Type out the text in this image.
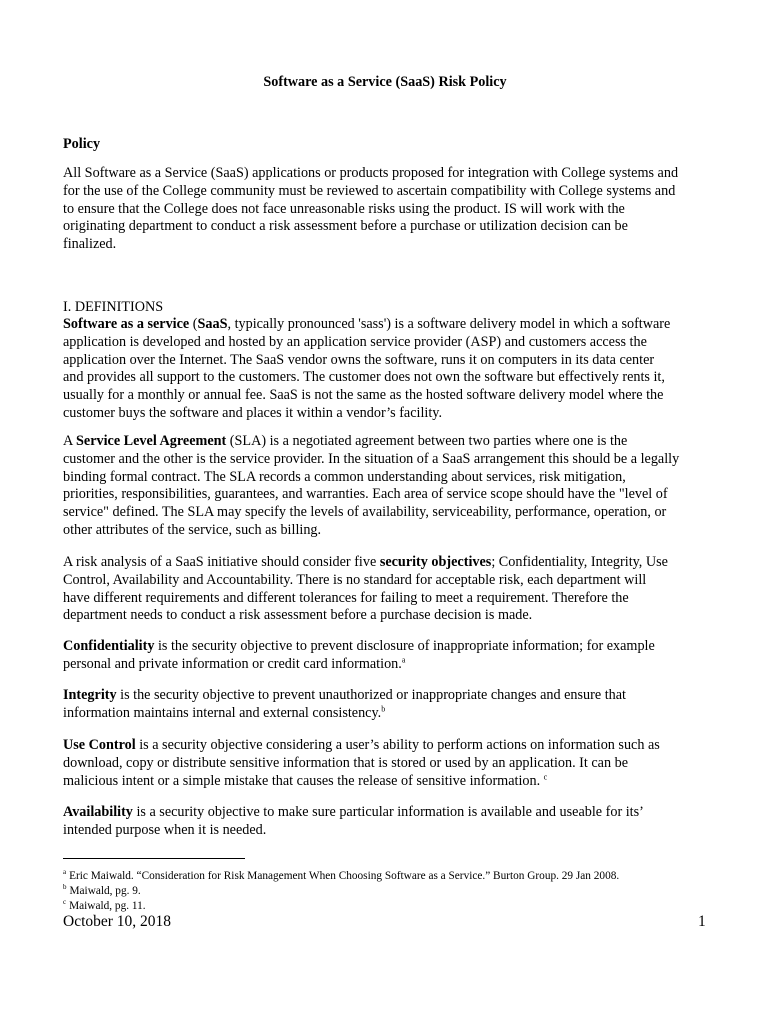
Software as a Service (SaaS) Risk Policy
Policy
All Software as a Service (SaaS) applications or products proposed for integration with College systems and
for the use of the College community must be reviewed to ascertain compatibility with College systems and
to ensure that the College does not face unreasonable risks using the product. IS will work with the
originating department to conduct a risk assessment before a purchase or utilization decision can be
finalized.
I. DEFINITIONS
Software as a service (SaaS, typically pronounced 'sass') is a software delivery model in which a software
application is developed and hosted by an application service provider (ASP) and customers access the
application over the Internet. The SaaS vendor owns the software, runs it on computers in its data center
and provides all support to the customers. The customer does not own the software but effectively rents it,
usually for a monthly or annual fee. SaaS is not the same as the hosted software delivery model where the
customer buys the software and places it within a vendor’s facility.
A Service Level Agreement (SLA) is a negotiated agreement between two parties where one is the
customer and the other is the service provider. In the situation of a SaaS arrangement this should be a legally
binding formal contract. The SLA records a common understanding about services, risk mitigation,
priorities, responsibilities, guarantees, and warranties. Each area of service scope should have the "level of
service" defined. The SLA may specify the levels of availability, serviceability, performance, operation, or
other attributes of the service, such as billing.
A risk analysis of a SaaS initiative should consider five security objectives; Confidentiality, Integrity, Use
Control, Availability and Accountability. There is no standard for acceptable risk, each department will
have different requirements and different tolerances for failing to meet a requirement. Therefore the
department needs to conduct a risk assessment before a purchase decision is made.
Confidentiality is the security objective to prevent disclosure of inappropriate information; for example
personal and private information or credit card information.$^a$
Integrity is the security objective to prevent unauthorized or inappropriate changes and ensure that
information maintains internal and external consistency.$^b$
Use Control is a security objective considering a user’s ability to perform actions on information such as
download, copy or distribute sensitive information that is stored or used by an application. It can be
malicious intent or a simple mistake that causes the release of sensitive information. $^c$
Availability is a security objective to make sure particular information is available and useable for its’
intended purpose when it is needed.
$^a$ Eric Maiwald. “Consideration for Risk Management When Choosing Software as a Service.” Burton Group. 29 Jan 2008.
$^b$ Maiwald, pg. 9.
$^c$ Maiwald, pg. 11.
October 10, 2018	1
